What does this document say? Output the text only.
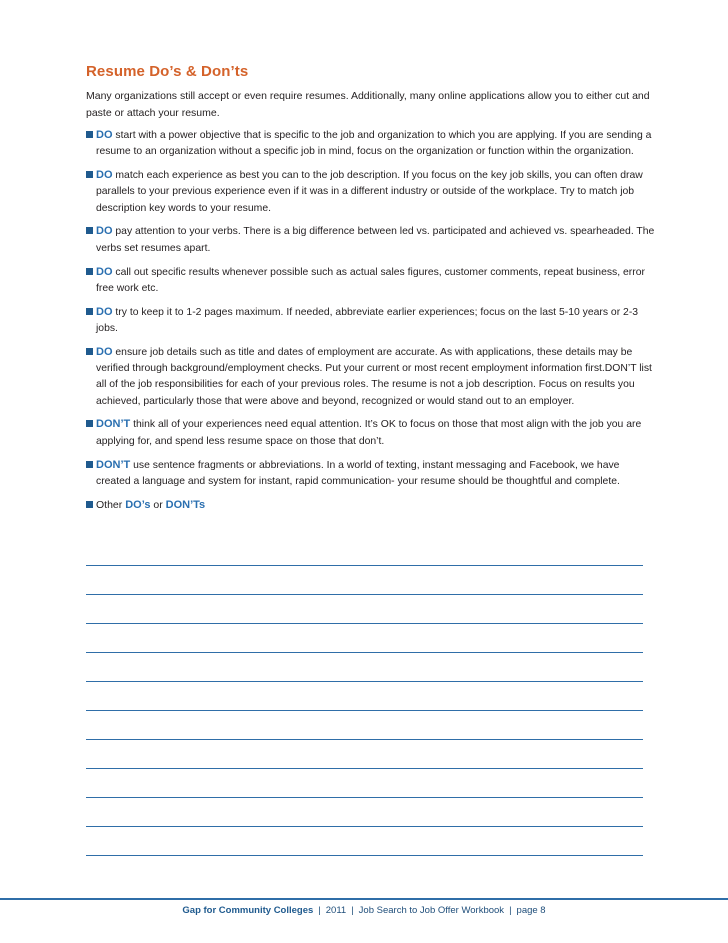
Resume Do’s & Don’ts

Many organizations still accept or even require resumes. Additionally, many online applications allow you to either cut and paste or attach your resume.

DO start with a power objective that is specific to the job and organization to which you are applying. If you are sending a resume to an organization without a specific job in mind, focus on the organization or function within the organization.
DO match each experience as best you can to the job description. If you focus on the key job skills, you can often draw parallels to your previous experience even if it was in a different industry or outside of the workplace. Try to match job description key words to your resume.
DO pay attention to your verbs. There is a big difference between led vs. participated and achieved vs. spearheaded. The verbs set resumes apart.
DO call out specific results whenever possible such as actual sales figures, customer comments, repeat business, error free work etc.
DO try to keep it to 1-2 pages maximum. If needed, abbreviate earlier experiences; focus on the last 5-10 years or 2-3 jobs.
DO ensure job details such as title and dates of employment are accurate. As with applications, these details may be verified through background/employment checks. Put your current or most recent employment information first.DON’T list all of the job responsibilities for each of your previous roles. The resume is not a job description. Focus on results you achieved, particularly those that were above and beyond, recognized or would stand out to an employer.
DON’T think all of your experiences need equal attention. It’s OK to focus on those that most align with the job you are applying for, and spend less resume space on those that don’t.
DON’T use sentence fragments or abbreviations. In a world of texting, instant messaging and Facebook, we have created a language and system for instant, rapid communication- your resume should be thoughtful and complete.
Other DO’s or DON’Ts
Gap for Community Colleges | 2011 | Job Search to Job Offer Workbook | page 8
